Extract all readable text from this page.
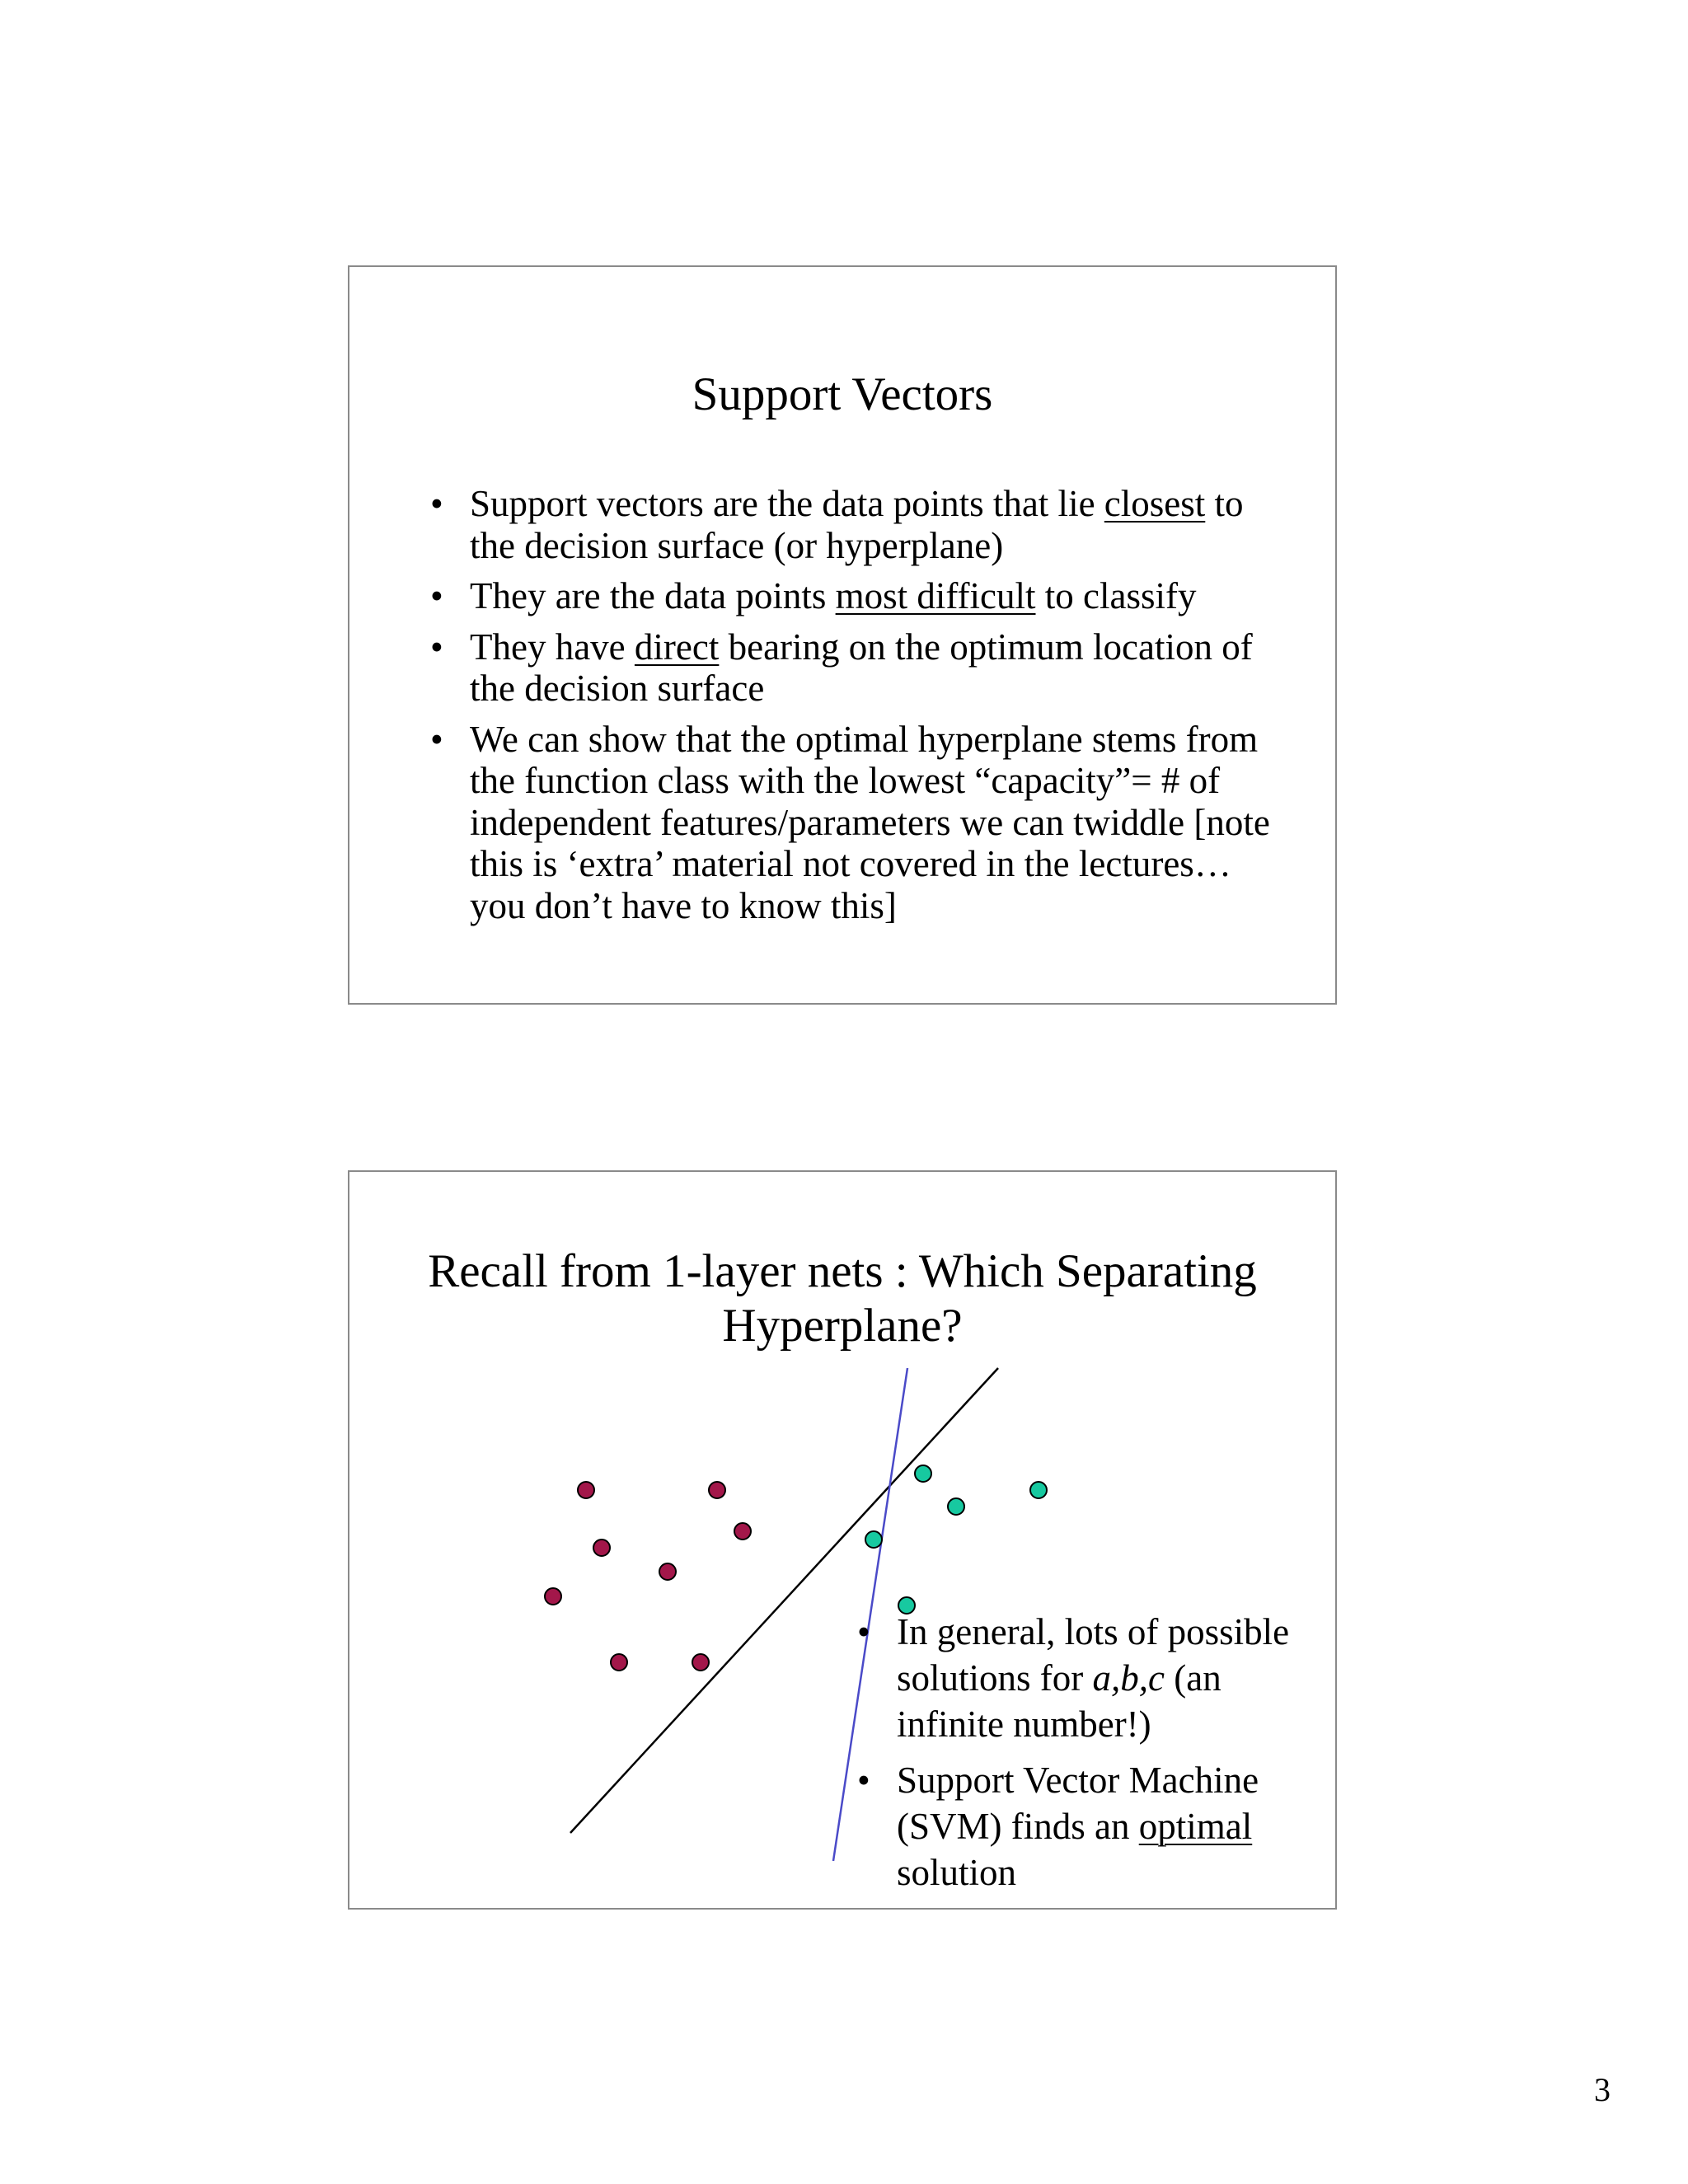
Support Vectors
• Support vectors are the data points that lie closest to the decision surface (or hyperplane)
• They are the data points most difficult to classify
• They have direct bearing on the optimum location of the decision surface
• We can show that the optimal hyperplane stems from the function class with the lowest “capacity”= # of independent features/parameters we can twiddle [note this is ‘extra’ material not covered in the lectures… you don’t have to know this]
Recall from 1-layer nets : Which Separating
Hyperplane?
• In general, lots of possible solutions for a,b,c (an infinite number!)
• Support Vector Machine (SVM) finds an optimal solution
3
